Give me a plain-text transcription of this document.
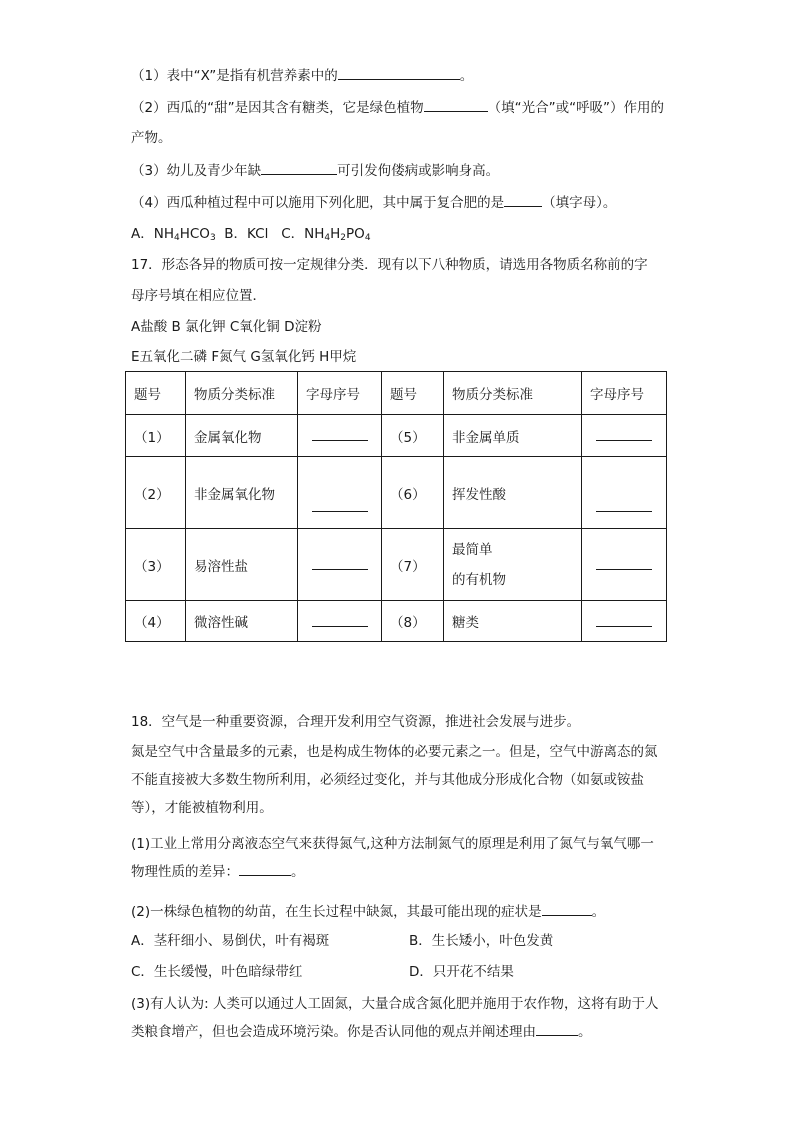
（1）表中“X”是指有机营养素中的	。
（2）西瓜的“甜”是因其含有糖类，它是绿色植物	（填“光合”或“呼吸”）作用的
产物。
（3）幼儿及青少年缺	可引发佝偻病或影响身高。
（4）西瓜种植过程中可以施用下列化肥，其中属于复合肥的是	（填字母）。
A．$NH_4HCO_3$ B．KCl C．$NH_4H_2PO_4$
17．形态各异的物质可按一定规律分类．现有以下八种物质，请选用各物质名称前的字
母序号填在相应位置．
A盐酸 B 氯化钾 C氧化铜 D淀粉
E五氧化二磷 F氮气 G氢氧化钙 H甲烷
题号	物质分类标准	字母序号	题号	物质分类标准	字母序号
（1）	金属氧化物		（5）	非金属单质	
（2）	非金属氧化物		（6）	挥发性酸	
（3）	易溶性盐		（7）	最简单
的有机物	

（4）	微溶性碱		（8）	糖类	
18．空气是一种重要资源，合理开发利用空气资源，推进社会发展与进步。
氮是空气中含量最多的元素，也是构成生物体的必要元素之一。但是，空气中游离态的氮不能直接被大多数生物所利用，必须经过变化，并与其他成分形成化合物（如氨或铵盐等），才能被植物利用。
(1)工业上常用分离液态空气来获得氮气,这种方法制氮气的原理是利用了氮气与氧气哪一物理性质的差异：	。
(2)一株绿色植物的幼苗，在生长过程中缺氮，其最可能出现的症状是	。
A．茎秆细小、易倒伏，叶有褐斑	B．生长矮小，叶色发黄
C．生长缓慢，叶色暗绿带红	D．只开花不结果
(3)有人认为: 人类可以通过人工固氮，大量合成含氮化肥并施用于农作物，这将有助于人类粮食增产，但也会造成环境污染。你是否认同他的观点并阐述理由	。
